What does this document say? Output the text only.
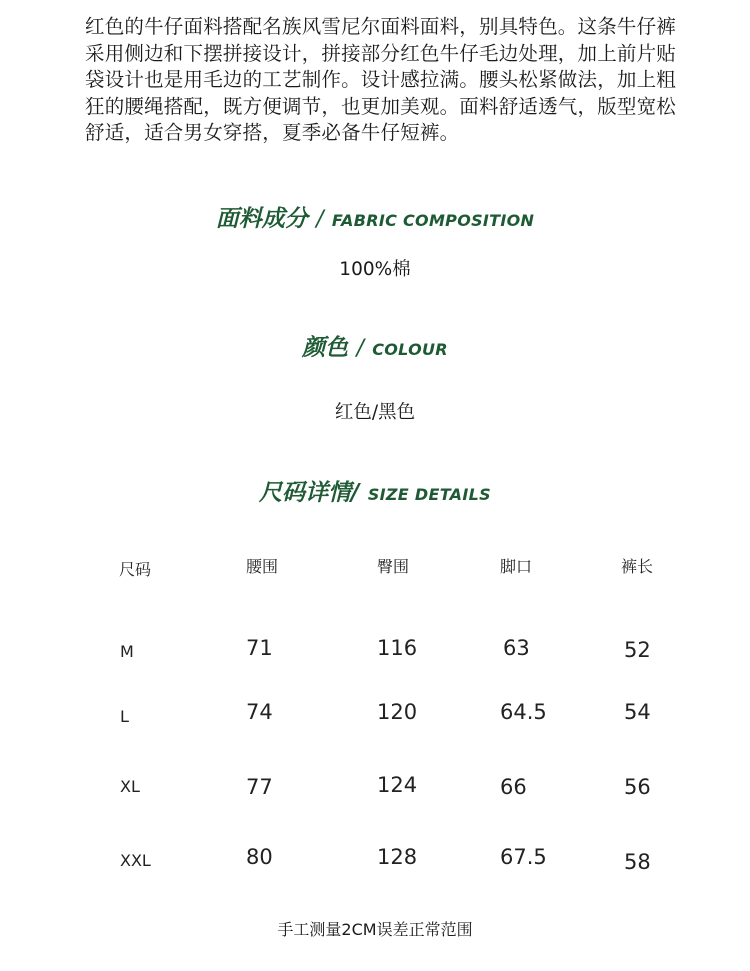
红色的牛仔面料搭配名族风雪尼尔面料面料，别具特色。这条牛仔裤采用侧边和下摆拼接设计，拼接部分红色牛仔毛边处理，加上前片贴袋设计也是用毛边的工艺制作。设计感拉满。腰头松紧做法，加上粗狂的腰绳搭配，既方便调节，也更加美观。面料舒适透气，版型宽松舒适，适合男女穿搭，夏季必备牛仔短裤。

面料成分 / FABRIC COMPOSITION

100%棉

颜色 / COLOUR

红色/黑色

尺码详情/ SIZE DETAILS
尺码	腰围	臀围	脚口	裤长
M	71	116	63	52
L	74	120	64.5	54
XL	77	124	66	56
XXL	80	128	67.5	58

手工测量2CM误差正常范围
